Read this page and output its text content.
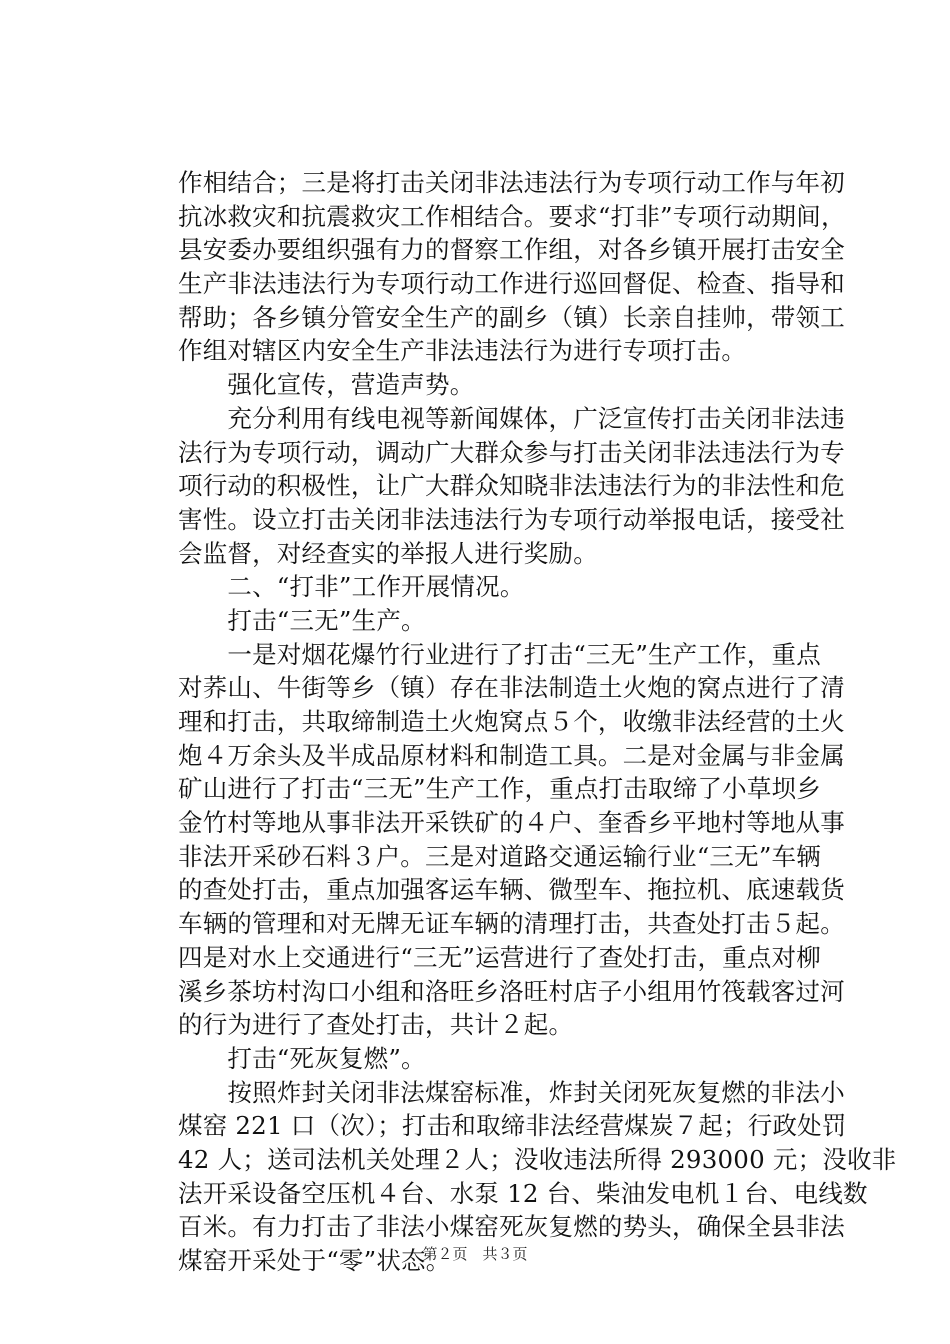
作相结合；三是将打击关闭非法违法行为专项行动工作与年初
抗冰救灾和抗震救灾工作相结合。要求“打非”专项行动期间，
县安委办要组织强有力的督察工作组，对各乡镇开展打击安全
生产非法违法行为专项行动工作进行巡回督促、检查、指导和
帮助；各乡镇分管安全生产的副乡（镇）长亲自挂帅，带领工
作组对辖区内安全生产非法违法行为进行专项打击。
　　强化宣传，营造声势。
　　充分利用有线电视等新闻媒体，广泛宣传打击关闭非法违
法行为专项行动，调动广大群众参与打击关闭非法违法行为专
项行动的积极性，让广大群众知晓非法违法行为的非法性和危
害性。设立打击关闭非法违法行为专项行动举报电话，接受社
会监督，对经查实的举报人进行奖励。
　　二、“打非”工作开展情况。
　　打击“三无”生产。
　　一是对烟花爆竹行业进行了打击“三无”生产工作，重点
对荞山、牛街等乡（镇）存在非法制造土火炮的窝点进行了清
理和打击，共取缔制造土火炮窝点５个，收缴非法经营的土火
炮４万余头及半成品原材料和制造工具。二是对金属与非金属
矿山进行了打击“三无”生产工作，重点打击取缔了小草坝乡
金竹村等地从事非法开采铁矿的４户、奎香乡平地村等地从事
非法开采砂石料３户。三是对道路交通运输行业“三无”车辆
的查处打击，重点加强客运车辆、微型车、拖拉机、底速载货
车辆的管理和对无牌无证车辆的清理打击，共查处打击５起。
四是对水上交通进行“三无”运营进行了查处打击，重点对柳
溪乡茶坊村沟口小组和洛旺乡洛旺村店子小组用竹筏载客过河
的行为进行了查处打击，共计２起。
　　打击“死灰复燃”。
　　按照炸封关闭非法煤窑标准，炸封关闭死灰复燃的非法小
煤窑 221 口（次）；打击和取缔非法经营煤炭７起；行政处罚
42 人；送司法机关处理２人；没收违法所得 293000 元；没收非
法开采设备空压机４台、水泵 12 台、柴油发电机１台、电线数
百米。有力打击了非法小煤窑死灰复燃的势头，确保全县非法
煤窑开采处于“零”状态。
第２页　共３页
